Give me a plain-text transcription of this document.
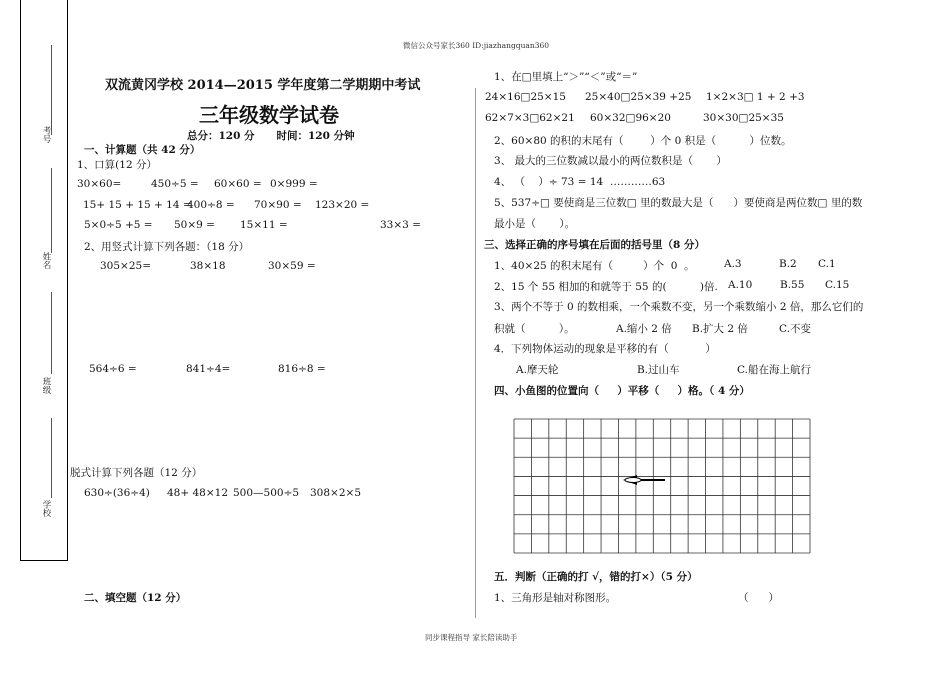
微信公众号家长360 ID:jiazhangquan360
同步课程指导 家长陪读助手
考号
姓名
班级
学校
双流黄冈学校 2014—2015 学年度第二学期期中考试
三年级数学试卷
总分：120 分      时间：120 分钟
一、计算题（共 42 分）
1、口算(12 分）
30×60=	450÷5 = 60×60 = 0×999 =
15+ 15 + 15 + 14 =
400÷8 = 70×90 = 123×20 =
5×0÷5 +5 = 50×9 = 15×11 =	33×3 =
2、用竖式计算下列各题：（18 分）
305×25=	38×18	30×59 =
564÷6 =	841÷4=	816÷8 =
脱式计算下列各题（12 分）
630÷(36÷4) 48+ 48×12 500—500÷5 308×2×5
二、填空题（12 分）
1、在□里填上“＞”“＜”或“＝”
24×16□25×15 25×40□25×39 +25 1×2×3□ 1 + 2 +3
62×7×3□62×21 60×32□96×20	30×30□25×35
2、60×80 的积的末尾有（        ）个 0 积是（          ）位数。
3、 最大的三位数减以最小的两位数积是（       ）
4、 （    ）÷ 73 = 14  …………63
5、537÷□ 要使商是三位数□ 里的数最大是（      ）要使商是两位数□ 里的数
最小是（       ）。
三、选择正确的序号填在后面的括号里（8 分）
1、40×25 的积末尾有（         ）个  0  。	A.3	B.2 C.1
2、15 个 55 相加的和就等于 55 的(          )倍. A.10	B.55 C.15
3、两个不等于 0 的数相乘，一个乘数不变，另一个乘数缩小 2 倍，那么它们的
积就（          ）。	A.缩小 2 倍 B.扩大 2 倍	C.不变
4．下列物体运动的现象是平移的有（           ）
A.摩天轮	B.过山车	C.船在海上航行
四、小鱼图的位置向（     ）平移（     ）格。（ 4 分）
五．判断（正确的打 √，错的打×）（5 分）
1、三角形是轴对称图形。	（      ）
